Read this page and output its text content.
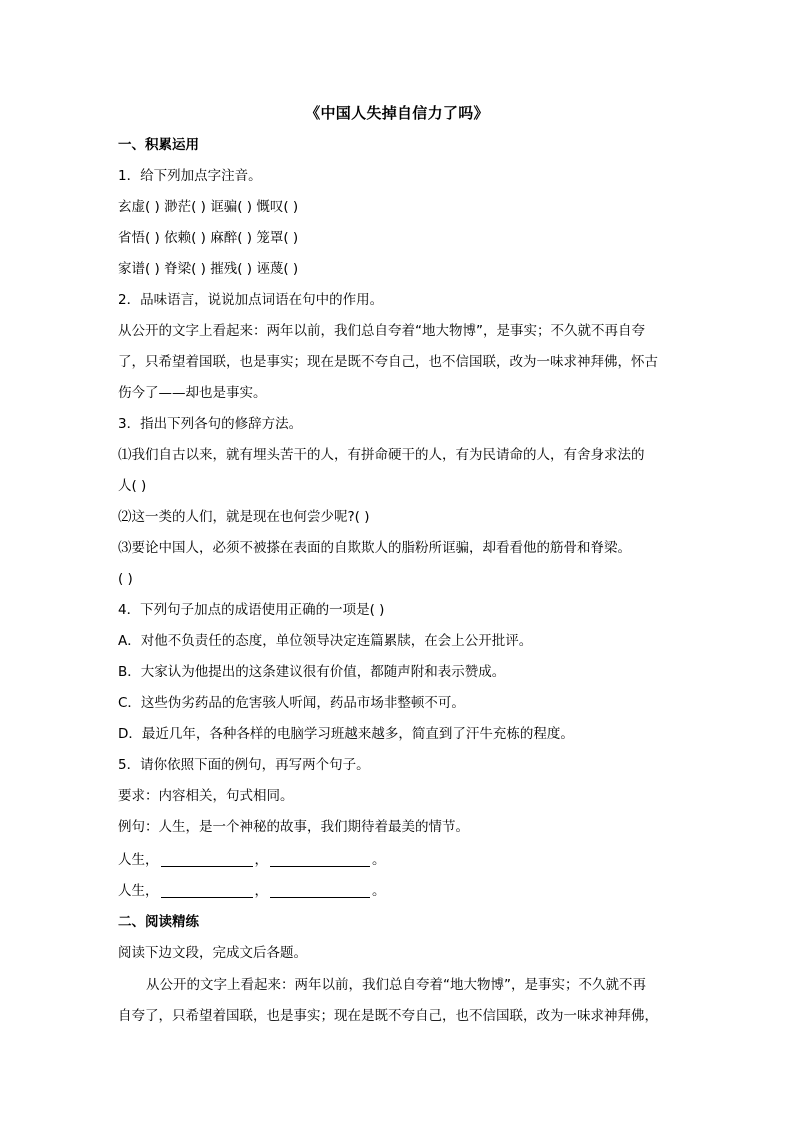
《中国人失掉自信力了吗》
一、积累运用
1．给下列加点字注音。
玄虚( ) 渺茫( ) 诓骗( ) 慨叹( )
省悟( ) 依赖( ) 麻醉( ) 笼罩( )
家谱( ) 脊梁( ) 摧残( ) 诬蔑( )
2．品味语言，说说加点词语在句中的作用。
从公开的文字上看起来：两年以前，我们总自夸着“地大物博”，是事实；不久就不再自夸
了，只希望着国联，也是事实；现在是既不夸自己，也不信国联，改为一味求神拜佛，怀古
伤今了——却也是事实。
3．指出下列各句的修辞方法。
⑴我们自古以来，就有埋头苦干的人，有拼命硬干的人，有为民请命的人，有舍身求法的
人( )
⑵这一类的人们，就是现在也何尝少呢?( )
⑶要论中国人，必须不被搽在表面的自欺欺人的脂粉所诓骗，却看看他的筋骨和脊梁。
( )
4．下列句子加点的成语使用正确的一项是( )
A．对他不负责任的态度，单位领导决定连篇累牍，在会上公开批评。
B．大家认为他提出的这条建议很有价值，都随声附和表示赞成。
C．这些伪劣药品的危害骇人听闻，药品市场非整顿不可。
D．最近几年，各种各样的电脑学习班越来越多，简直到了汗牛充栋的程度。
5．请你依照下面的例句，再写两个句子。
要求：内容相关，句式相同。
例句：人生，是一个神秘的故事，我们期待着最美的情节。
人生，	，	。
人生，	，	。
二、阅读精练
阅读下边文段，完成文后各题。
从公开的文字上看起来：两年以前，我们总自夸着“地大物博”，是事实；不久就不再
自夸了，只希望着国联，也是事实；现在是既不夸自己，也不信国联，改为一味求神拜佛，
